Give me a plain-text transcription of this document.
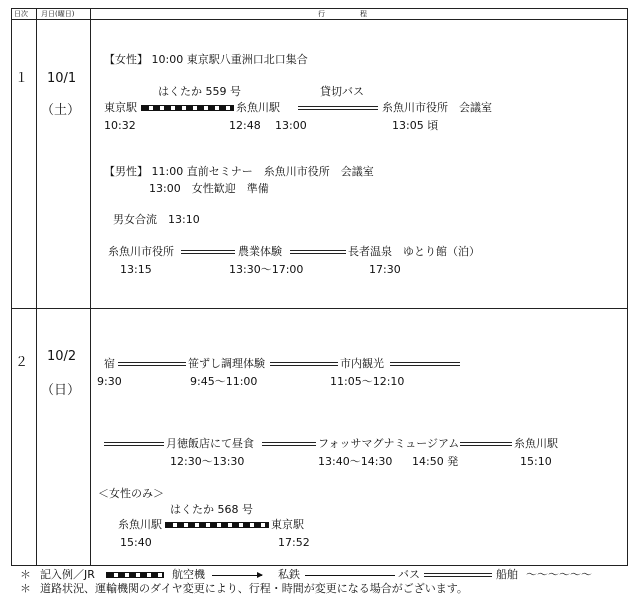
日次 月日(曜日)	行　　　　　程
１ 10/1
（土）
【女性】 10:00 東京駅八重洲口北口集合
はくたか 559 号	貸切バス
東京駅	糸魚川駅	糸魚川市役所　会議室
10:32	12:48 13:00	13:05 頃
【男性】 11:00 直前セミナー　糸魚川市役所　会議室
13:00　女性歓迎　準備
男女合流　13:10
糸魚川市役所	農業体験	長者温泉　ゆとり館（泊）
13:15	13:30～17:00	17:30
２ 10/2
（日）
宿	笹ずし調理体験	市内観光
9:30	9:45～11:00	11:05～12:10
月徳飯店にて昼食	フォッサマグナミュージアム	糸魚川駅
12:30～13:30	13:40～14:30 14:50 発	15:10
＜女性のみ＞
はくたか 568 号
糸魚川駅	東京駅
15:40	17:52
＊ 記入例／JR	航空機	私鉄	バス	船舶 〜〜〜〜〜〜
＊ 道路状況、運輸機関のダイヤ変更により、行程・時間が変更になる場合がございます。
